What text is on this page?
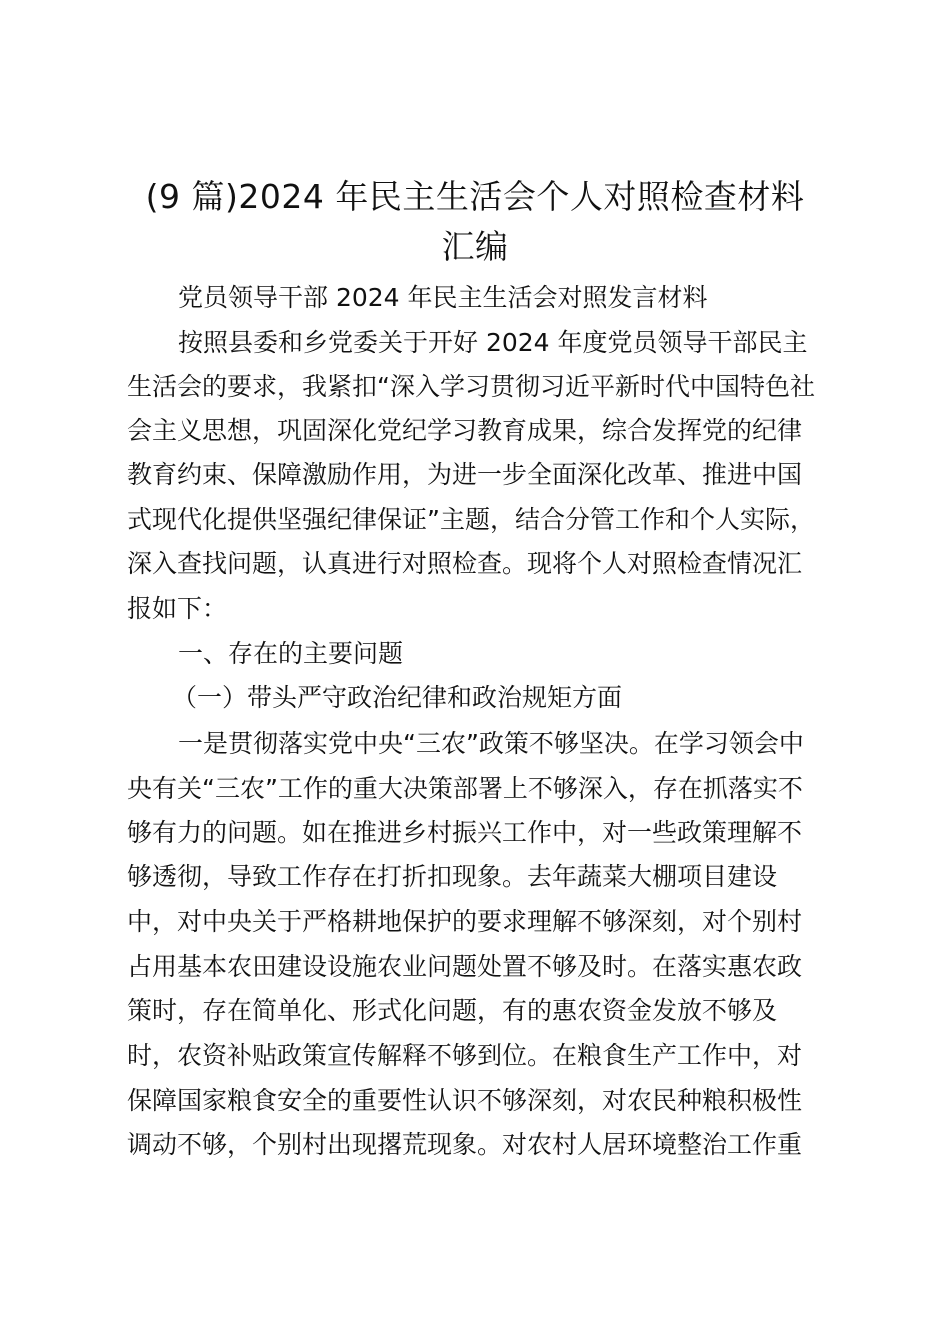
(9 篇)2024 年民主生活会个人对照检查材料
汇编

党员领导干部 2024 年民主生活会对照发言材料

按照县委和乡党委关于开好 2024 年度党员领导干部民主

生活会的要求，我紧扣“深入学习贯彻习近平新时代中国特色社

会主义思想，巩固深化党纪学习教育成果，综合发挥党的纪律

教育约束、保障激励作用，为进一步全面深化改革、推进中国

式现代化提供坚强纪律保证”主题，结合分管工作和个人实际，

深入查找问题，认真进行对照检查。现将个人对照检查情况汇

报如下：

一、存在的主要问题

（一）带头严守政治纪律和政治规矩方面

一是贯彻落实党中央“三农”政策不够坚决。在学习领会中

央有关“三农”工作的重大决策部署上不够深入，存在抓落实不

够有力的问题。如在推进乡村振兴工作中，对一些政策理解不

够透彻，导致工作存在打折扣现象。去年蔬菜大棚项目建设

中，对中央关于严格耕地保护的要求理解不够深刻，对个别村

占用基本农田建设设施农业问题处置不够及时。在落实惠农政

策时，存在简单化、形式化问题，有的惠农资金发放不够及

时，农资补贴政策宣传解释不够到位。在粮食生产工作中，对

保障国家粮食安全的重要性认识不够深刻，对农民种粮积极性

调动不够，个别村出现撂荒现象。对农村人居环境整治工作重
